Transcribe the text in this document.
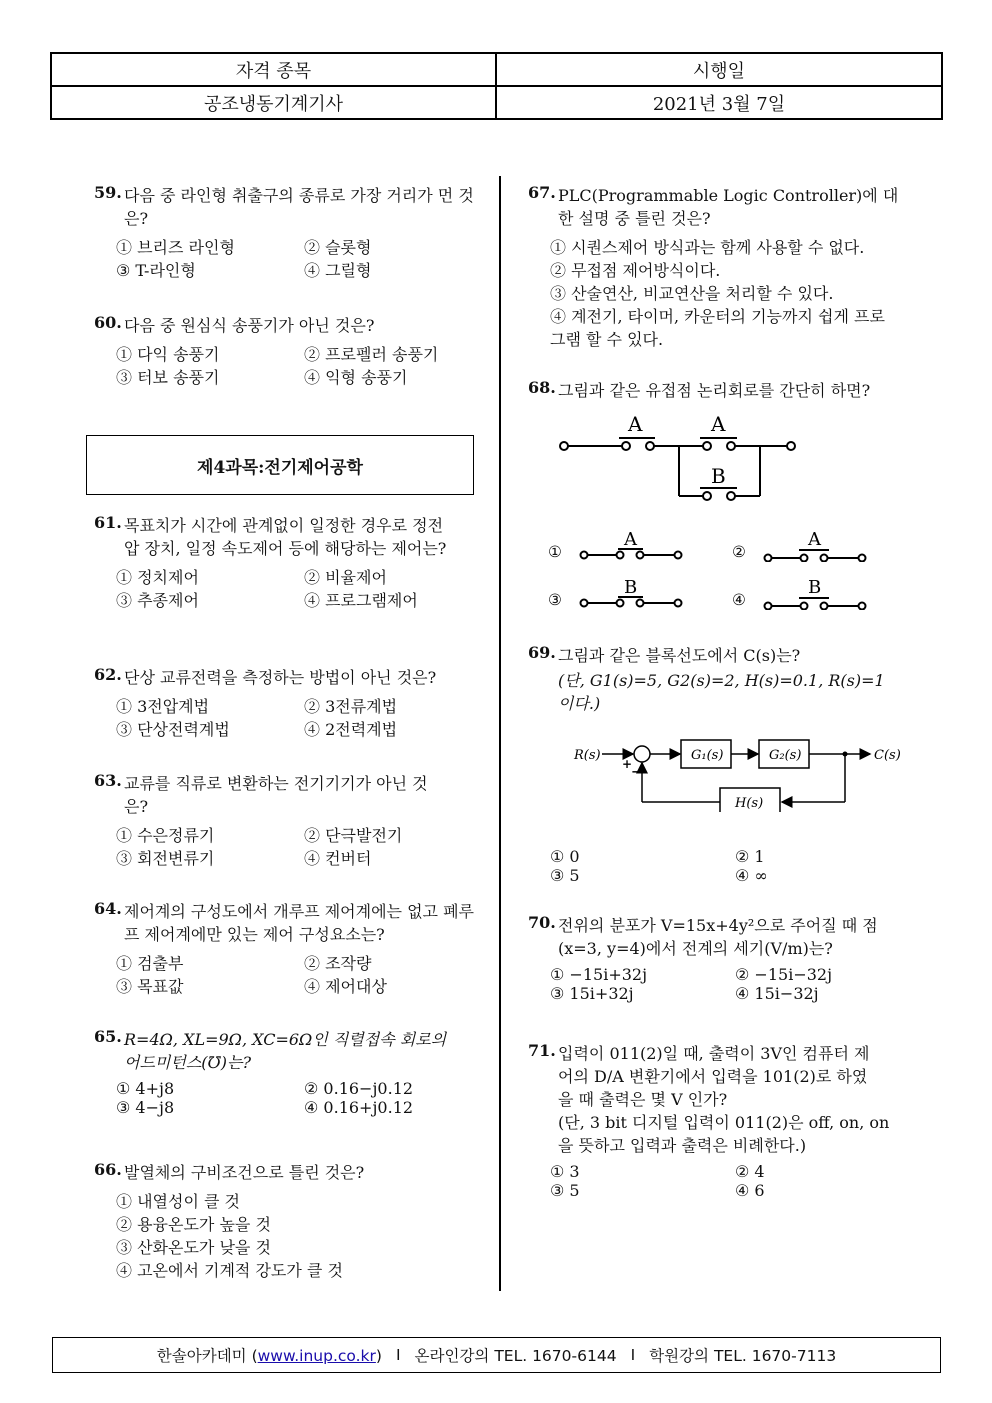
자격 종목	시행일
공조냉동기계기사	2021년 3월 7일
59. 다음 중 라인형 취출구의 종류로 가장 거리가 먼 것은?
① 브리즈 라인형	② 슬롯형
③ T-라인형	④ 그릴형
60. 다음 중 원심식 송풍기가 아닌 것은?
① 다익 송풍기	② 프로펠러 송풍기
③ 터보 송풍기	④ 익형 송풍기
제4과목:전기제어공학
61. 목표치가 시간에 관계없이 일정한 경우로 정전압 장치, 일정 속도제어 등에 해당하는 제어는?
① 정치제어	② 비율제어
③ 추종제어	④ 프로그램제어
62. 단상 교류전력을 측정하는 방법이 아닌 것은?
① 3전압계법	② 3전류계법
③ 단상전력계법	④ 2전력계법
63. 교류를 직류로 변환하는 전기기기가 아닌 것은?
① 수은정류기	② 단극발전기
③ 회전변류기	④ 컨버터
64. 제어계의 구성도에서 개루프 제어계에는 없고 폐루프 제어계에만 있는 제어 구성요소는?
① 검출부	② 조작량
③ 목표값	④ 제어대상
65. R=4Ω, XL=9Ω, XC=6Ω인 직렬접속 회로의 어드미턴스(℧)는?
① 4+j8	② 0.16−j0.12
③ 4−j8	④ 0.16+j0.12
66. 발열체의 구비조건으로 틀린 것은?
① 내열성이 클 것
② 용융온도가 높을 것
③ 산화온도가 낮을 것
④ 고온에서 기계적 강도가 클 것
67. PLC(Programmable Logic Controller)에 대한 설명 중 틀린 것은?
① 시퀀스제어 방식과는 함께 사용할 수 없다.
② 무접점 제어방식이다.
③ 산술연산, 비교연산을 처리할 수 있다.
④ 계전기, 타이머, 카운터의 기능까지 쉽게 프로그램 할 수 있다.
68. 그림과 같은 유접점 논리회로를 간단히 하면?
A	A
B
①
A
②
A
③
B
④
B
69. 그림과 같은 블록선도에서 C(s)는?
(단, G1(s)=5, G2(s)=2, H(s)=0.1, R(s)=1 이다.)
R(s)	C(s)
G₁(s)	G₂(s)
H(s)
+
−
① 0	② 1
③ 5	④ ∞
70. 전위의 분포가 V=15x+4y²으로 주어질 때 점(x=3, y=4)에서 전계의 세기(V/m)는?
① −15i+32j	② −15i−32j
③ 15i+32j	④ 15i−32j
71. 입력이 011(2)일 때, 출력이 3V인 컴퓨터 제어의 D/A 변환기에서 입력을 101(2)로 하였을 때 출력은 몇 V 인가?
(단, 3 bit 디지털 입력이 011(2)은 off, on, on을 뜻하고 입력과 출력은 비례한다.)
① 3	② 4
③ 5	④ 6
한솔아카데미 (www.inup.co.kr) I 온라인강의 TEL. 1670-6144 I 학원강의 TEL. 1670-7113
